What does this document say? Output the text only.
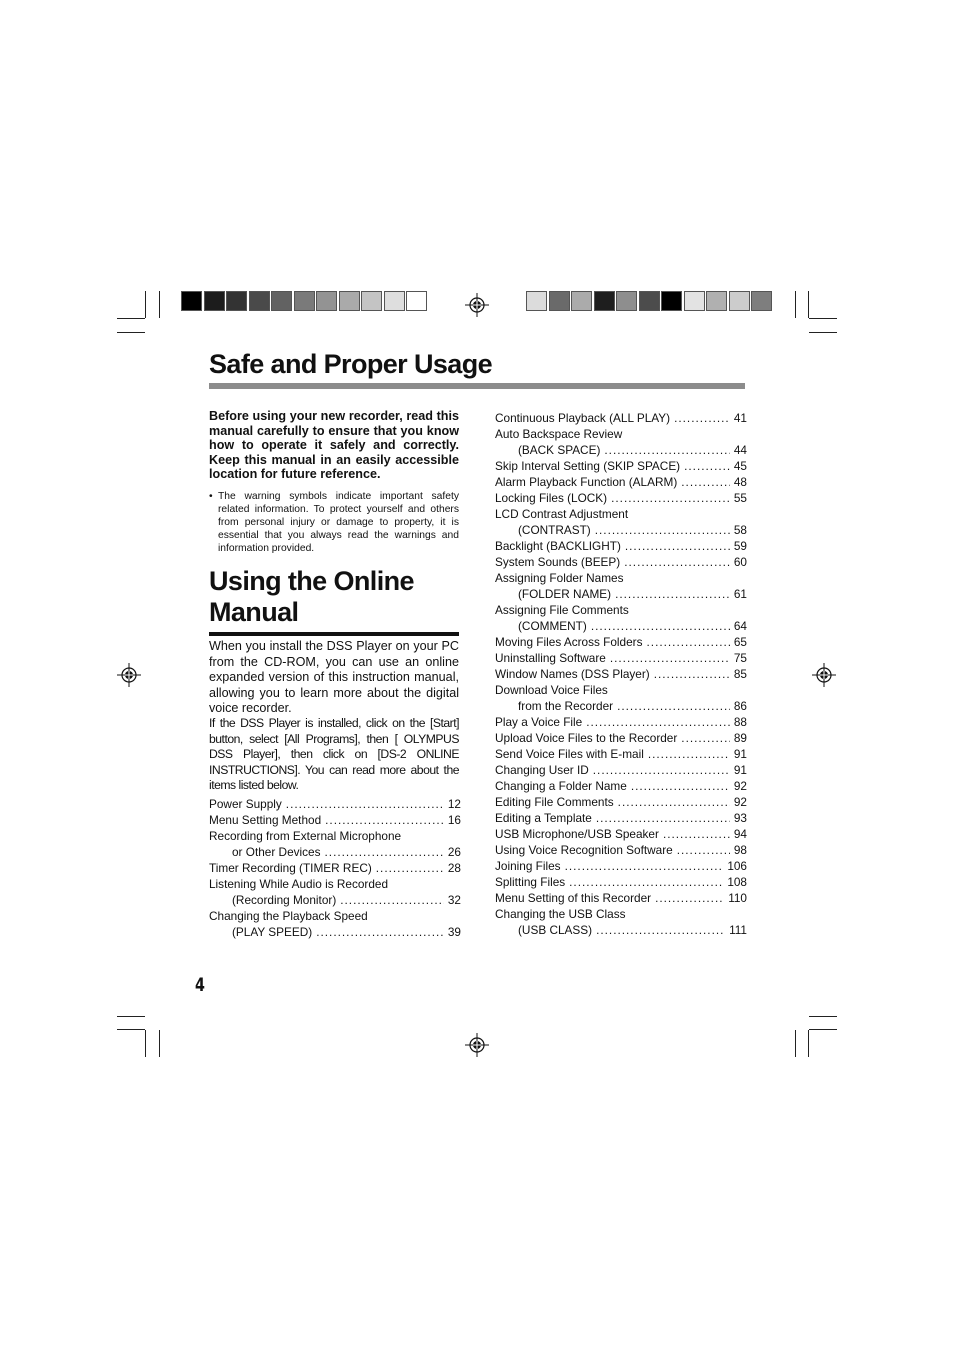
Safe and Proper Usage
Before using your new recorder, read this manual carefully to ensure that you know how to operate it safely and correctly. Keep this manual in an easily accessible location for future reference.
• The warning symbols indicate important safety related information. To protect yourself and others from personal injury or damage to property, it is essential that you always read the warnings and information provided.
Using the Online Manual
When you install the DSS Player on your PC from the CD-ROM, you can use an online expanded version of this instruction manual, allowing you to learn more about the digital voice recorder.
If the DSS Player is installed, click on the [Start] button, select [All Programs], then [ OLYMPUS DSS Player], then click on [DS-2 ONLINE INSTRUCTIONS]. You can read more about the items listed below.
Power Supply .....	12
Menu Setting Method .....	16
Recording from External Microphone
or Other Devices .....	26
Timer Recording (TIMER REC) .....	28
Listening While Audio is Recorded
(Recording Monitor) .....	32
Changing the Playback Speed
(PLAY SPEED) .....	39
Continuous Playback (ALL PLAY) .....	41
Auto Backspace Review
(BACK SPACE) .....	44
Skip Interval Setting (SKIP SPACE) .....	45
Alarm Playback Function (ALARM) .....	48
Locking Files (LOCK) .....	55
LCD Contrast Adjustment
(CONTRAST) .....	58
Backlight (BACKLIGHT) .....	59
System Sounds (BEEP) .....	60
Assigning Folder Names
(FOLDER NAME) .....	61
Assigning File Comments
(COMMENT) .....	64
Moving Files Across Folders .....	65
Uninstalling Software .....	75
Window Names (DSS Player) .....	85
Download Voice Files
from the Recorder .....	86
Play a Voice File .....	88
Upload Voice Files to the Recorder .....	89
Send Voice Files with E-mail .....	91
Changing User ID .....	91
Changing a Folder Name .....	92
Editing File Comments .....	92
Editing a Template .....	93
USB Microphone/USB Speaker .....	94
Using Voice Recognition Software .....	98
Joining Files .....	106
Splitting Files .....	108
Menu Setting of this Recorder .....	110
Changing the USB Class
(USB CLASS) .....	111
4
